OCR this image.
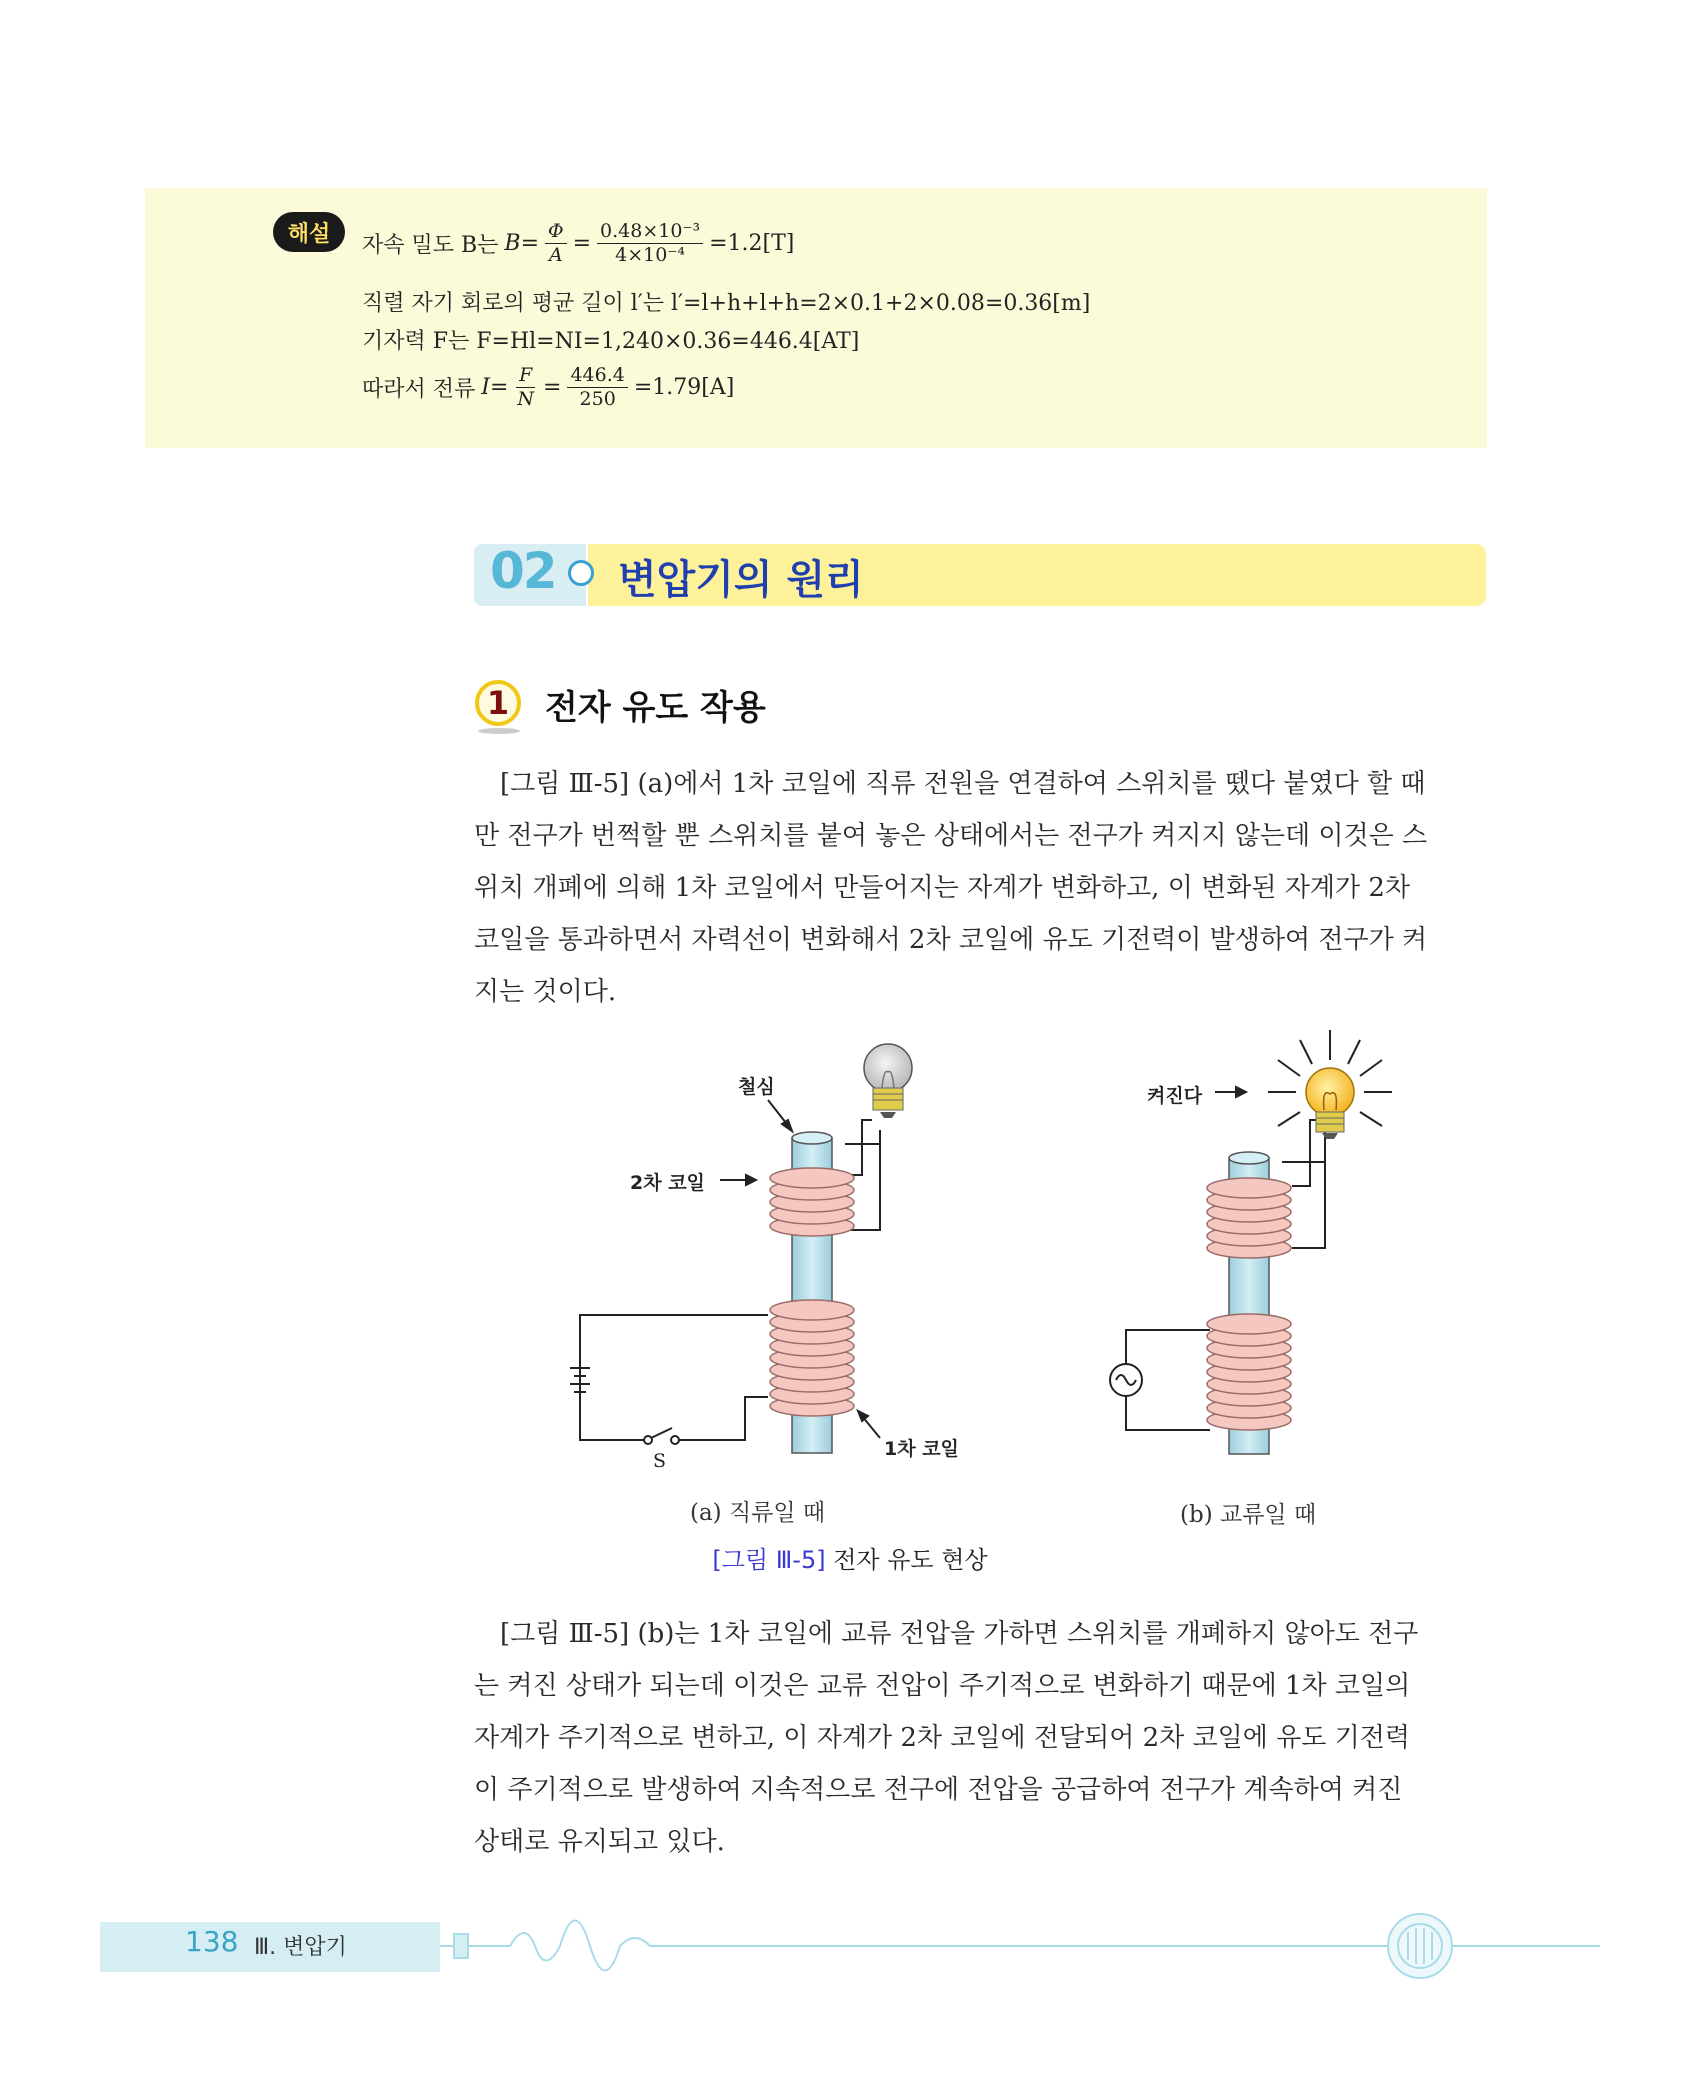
해설	자속 밀도 B는 $B= \frac{\Phi}{A} = \frac{\text{0.48×10⁻³}}{\text{4×10⁻⁴}} =1.2[T]$
직렬 자기 회로의 평균 길이 l′는 l′=l+h+l+h=2×0.1+2×0.08=0.36[m]
기자력 F는 F=Hl=NI=1,240×0.36=446.4[AT]
따라서 전류 $I= \frac{F}{N} = \frac{446.4}{250} =1.79[A]$
02 변압기의 원리
1	전자 유도 작용
[그림 Ⅲ-5] (a)에서 1차 코일에 직류 전원을 연결하여 스위치를 뗐다 붙였다 할 때
만 전구가 번쩍할 뿐 스위치를 붙여 놓은 상태에서는 전구가 켜지지 않는데 이것은 스
위치 개폐에 의해 1차 코일에서 만들어지는 자계가 변화하고, 이 변화된 자계가 2차
코일을 통과하면서 자력선이 변화해서 2차 코일에 유도 기전력이 발생하여 전구가 켜
지는 것이다.
철심
2차 코일
1차 코일
S
켜진다
(a) 직류일 때	(b) 교류일 때
[그림 Ⅲ-5] 전자 유도 현상
[그림 Ⅲ-5] (b)는 1차 코일에 교류 전압을 가하면 스위치를 개폐하지 않아도 전구
는 켜진 상태가 되는데 이것은 교류 전압이 주기적으로 변화하기 때문에 1차 코일의
자계가 주기적으로 변하고, 이 자계가 2차 코일에 전달되어 2차 코일에 유도 기전력
이 주기적으로 발생하여 지속적으로 전구에 전압을 공급하여 전구가 계속하여 켜진
상태로 유지되고 있다.
138 Ⅲ. 변압기
